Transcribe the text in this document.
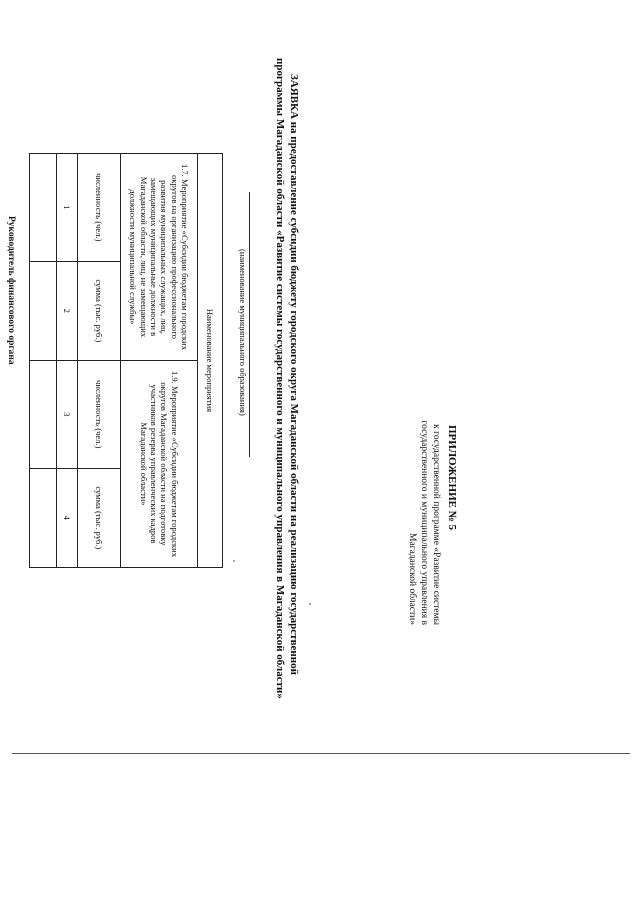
ПРИЛОЖЕНИЕ № 5
к государственной программе «Развитие системы государственного и муниципального управления в Магаданской области»
ЗАЯВКА на предоставление субсидии бюджету городского округа Магаданской области на реализацию государственной
программы Магаданской области «Развитие системы государственного и муниципального управления в Магаданской области»
(наименование муниципального образования)
Наименование мероприятия			
1.7. Мероприятие «Субсидии бюджетам городских округов на организацию профессионального развития муниципальных служащих, лиц, замещающих муниципальные должности в Магаданской области, лиц, не замещающих должности муниципальной службы»		1.9. Мероприятие «Субсидии бюджетам городских округов Магаданской области на подготовку участников резерва управленческих кадров Магаданской области»	
численность (чел.)	сумма (тыс. руб.)	численность (чел.)	сумма (тыс. руб.)
1	2	3	4

Руководитель финансового органа
